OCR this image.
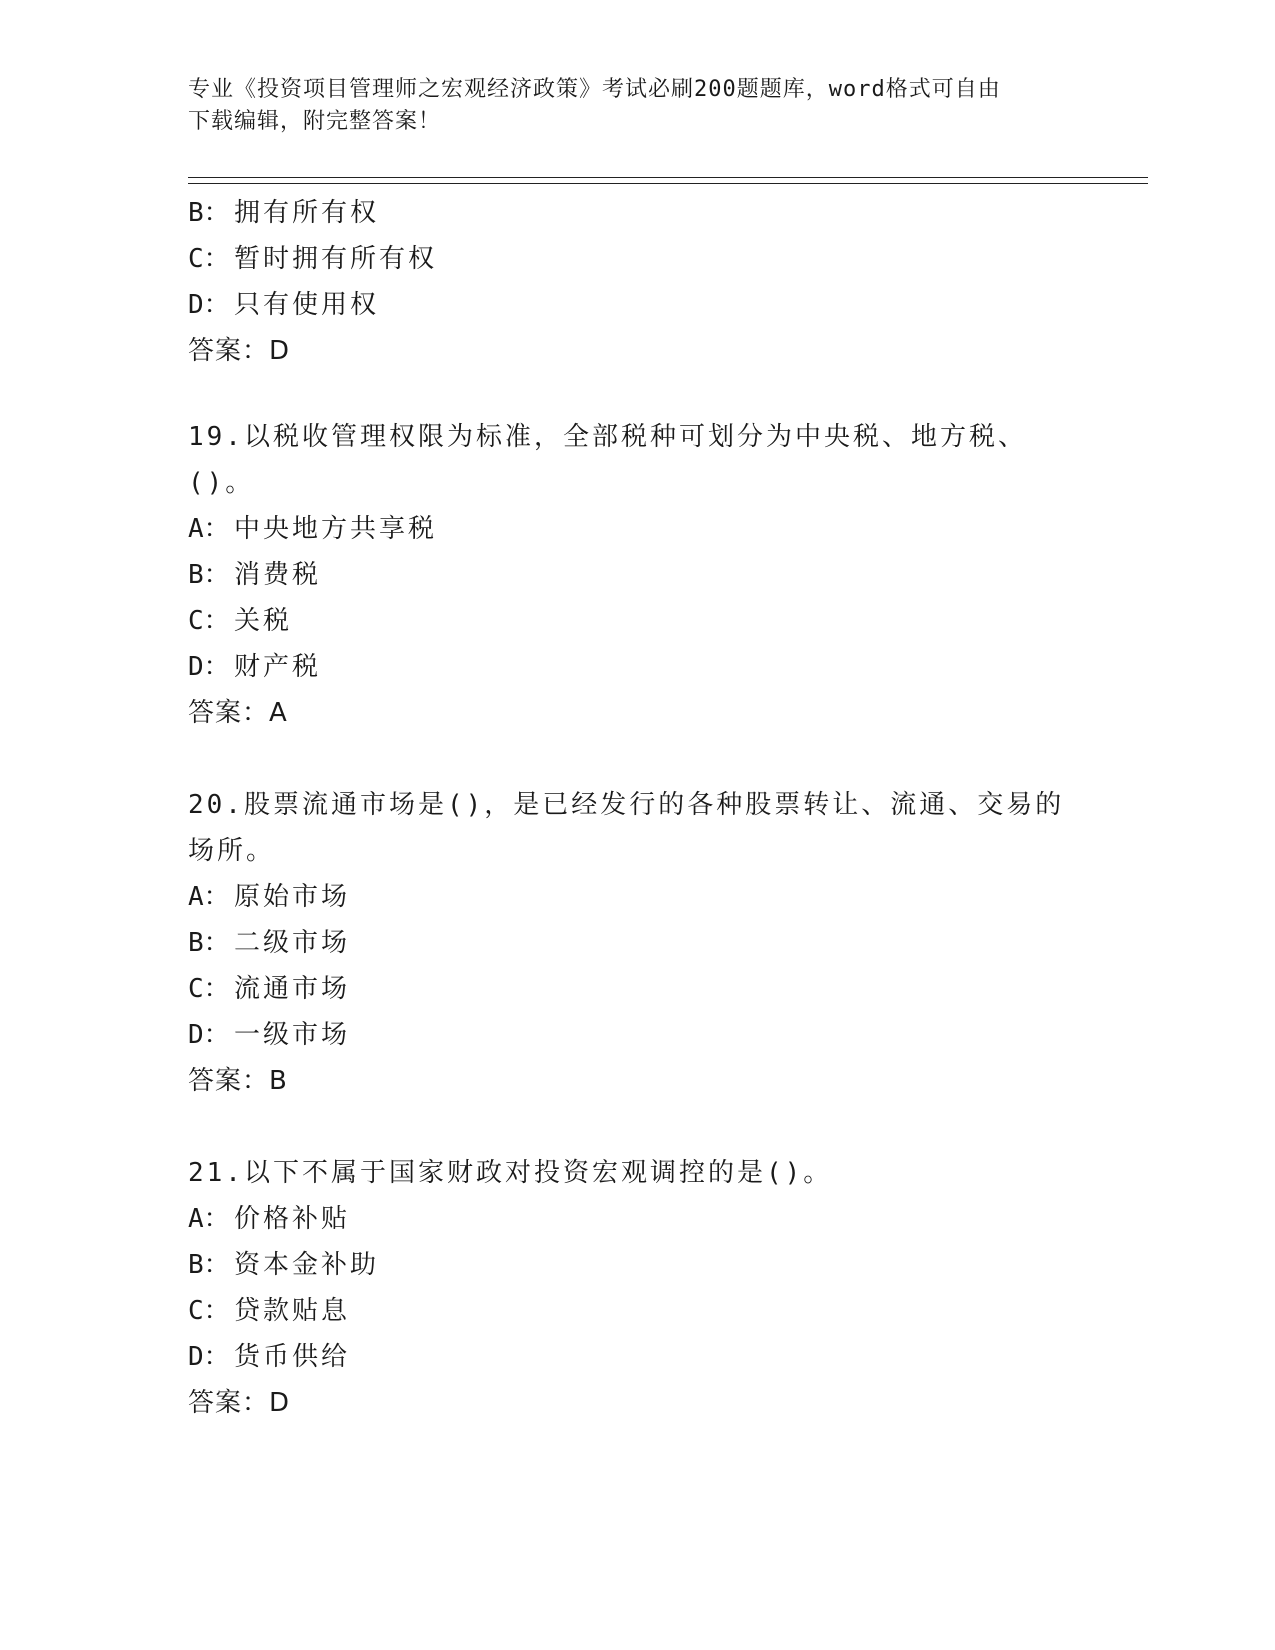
专业《投资项目管理师之宏观经济政策》考试必刷200题题库，word格式可自由
下载编辑，附完整答案！
B： 拥有所有权
C： 暂时拥有所有权
D： 只有使用权
答案：D
19.以税收管理权限为标准，全部税种可划分为中央税、地方税、()。
A： 中央地方共享税
B： 消费税
C： 关税
D： 财产税
答案：A
20.股票流通市场是()，是已经发行的各种股票转让、流通、交易的场所。
A： 原始市场
B： 二级市场
C： 流通市场
D： 一级市场
答案：B
21.以下不属于国家财政对投资宏观调控的是()。
A： 价格补贴
B： 资本金补助
C： 贷款贴息
D： 货币供给
答案：D
